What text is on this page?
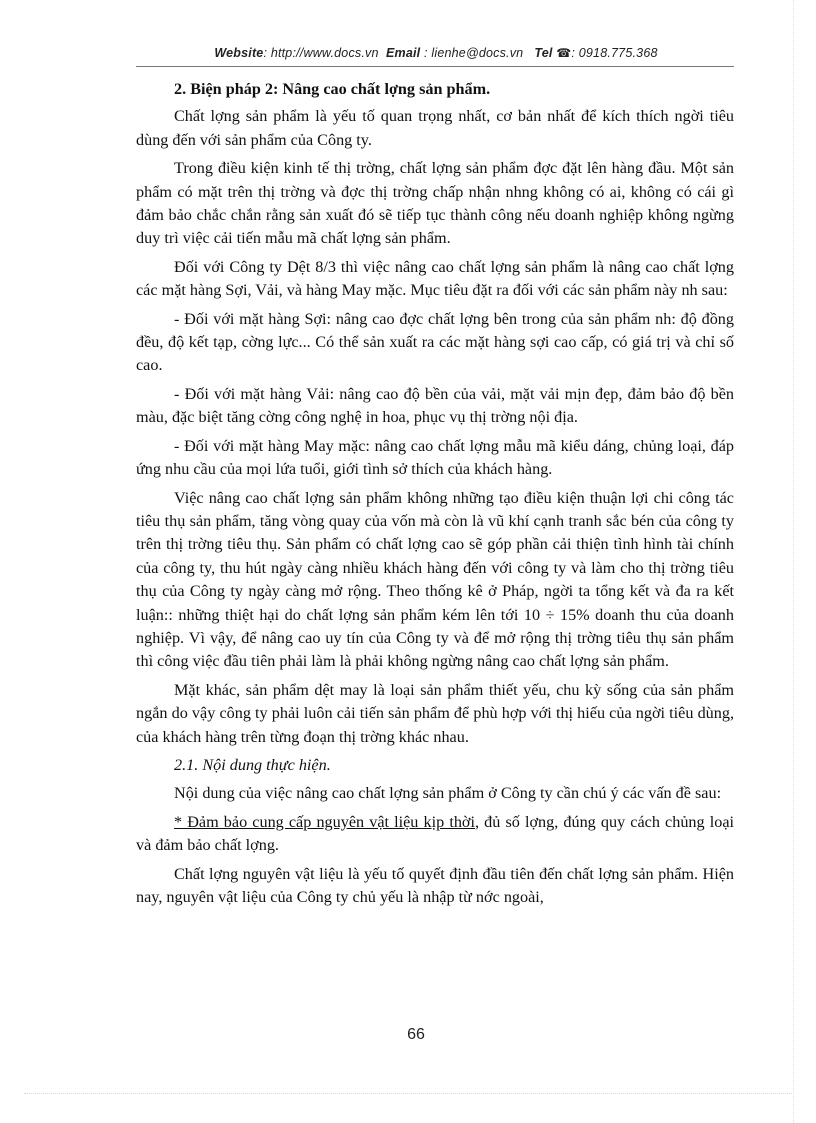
Website: http://www.docs.vn Email : lienhe@docs.vn Tel ☎: 0918.775.368

2. Biện pháp 2: Nâng cao chất lợng sản phẩm.

Chất lợng sản phẩm là yếu tố quan trọng nhất, cơ bản nhất để kích thích ngời tiêu dùng đến với sản phẩm của Công ty.

Trong điều kiện kinh tế thị trờng, chất lợng sản phẩm đợc đặt lên hàng đầu. Một sản phẩm có mặt trên thị trờng và đợc thị trờng chấp nhận nhng không có ai, không có cái gì đảm bảo chắc chắn rằng sản xuất đó sẽ tiếp tục thành công nếu doanh nghiệp không ngừng duy trì việc cải tiến mẫu mã chất lợng sản phẩm.

Đối với Công ty Dệt 8/3 thì việc nâng cao chất lợng sản phẩm là nâng cao chất lợng các mặt hàng Sợi, Vải, và hàng May mặc. Mục tiêu đặt ra đối với các sản phẩm này nh sau:

- Đối với mặt hàng Sợi: nâng cao đợc chất lợng bên trong của sản phẩm nh: độ đồng đều, độ kết tạp, cờng lực... Có thể sản xuất ra các mặt hàng sợi cao cấp, có giá trị và chỉ số cao.

- Đối với mặt hàng Vải: nâng cao độ bền của vải, mặt vải mịn đẹp, đảm bảo độ bền màu, đặc biệt tăng cờng công nghệ in hoa, phục vụ thị trờng nội địa.

- Đối với mặt hàng May mặc: nâng cao chất lợng mẫu mã kiểu dáng, chủng loại, đáp ứng nhu cầu của mọi lứa tuổi, giới tình sở thích của khách hàng.

Việc nâng cao chất lợng sản phẩm không những tạo điều kiện thuận lợi chi công tác tiêu thụ sản phẩm, tăng vòng quay của vốn mà còn là vũ khí cạnh tranh sắc bén của công ty trên thị trờng tiêu thụ. Sản phẩm có chất lợng cao sẽ góp phần cải thiện tình hình tài chính của công ty, thu hút ngày càng nhiều khách hàng đến với công ty và làm cho thị trờng tiêu thụ của Công ty ngày càng mở rộng. Theo thống kê ở Pháp, ngời ta tổng kết và đa ra kết luận:: những thiệt hại do chất lợng sản phẩm kém lên tới 10 ÷ 15% doanh thu của doanh nghiệp. Vì vậy, để nâng cao uy tín của Công ty và để mở rộng thị trờng tiêu thụ sản phẩm thì công việc đầu tiên phải làm là phải không ngừng nâng cao chất lợng sản phẩm.

Mặt khác, sản phẩm dệt may là loại sản phẩm thiết yếu, chu kỳ sống của sản phẩm ngắn do vậy công ty phải luôn cải tiến sản phẩm để phù hợp với thị hiếu của ngời tiêu dùng, của khách hàng trên từng đoạn thị trờng khác nhau.

2.1. Nội dung thực hiện.

Nội dung của việc nâng cao chất lợng sản phẩm ở Công ty cần chú ý các vấn đề sau:

* Đảm bảo cung cấp nguyên vật liệu kịp thời, đủ số lợng, đúng quy cách chủng loại và đảm bảo chất lợng.

Chất lợng nguyên vật liệu là yếu tố quyết định đầu tiên đến chất lợng sản phẩm. Hiện nay, nguyên vật liệu của Công ty chủ yếu là nhập từ nớc ngoài,

66
